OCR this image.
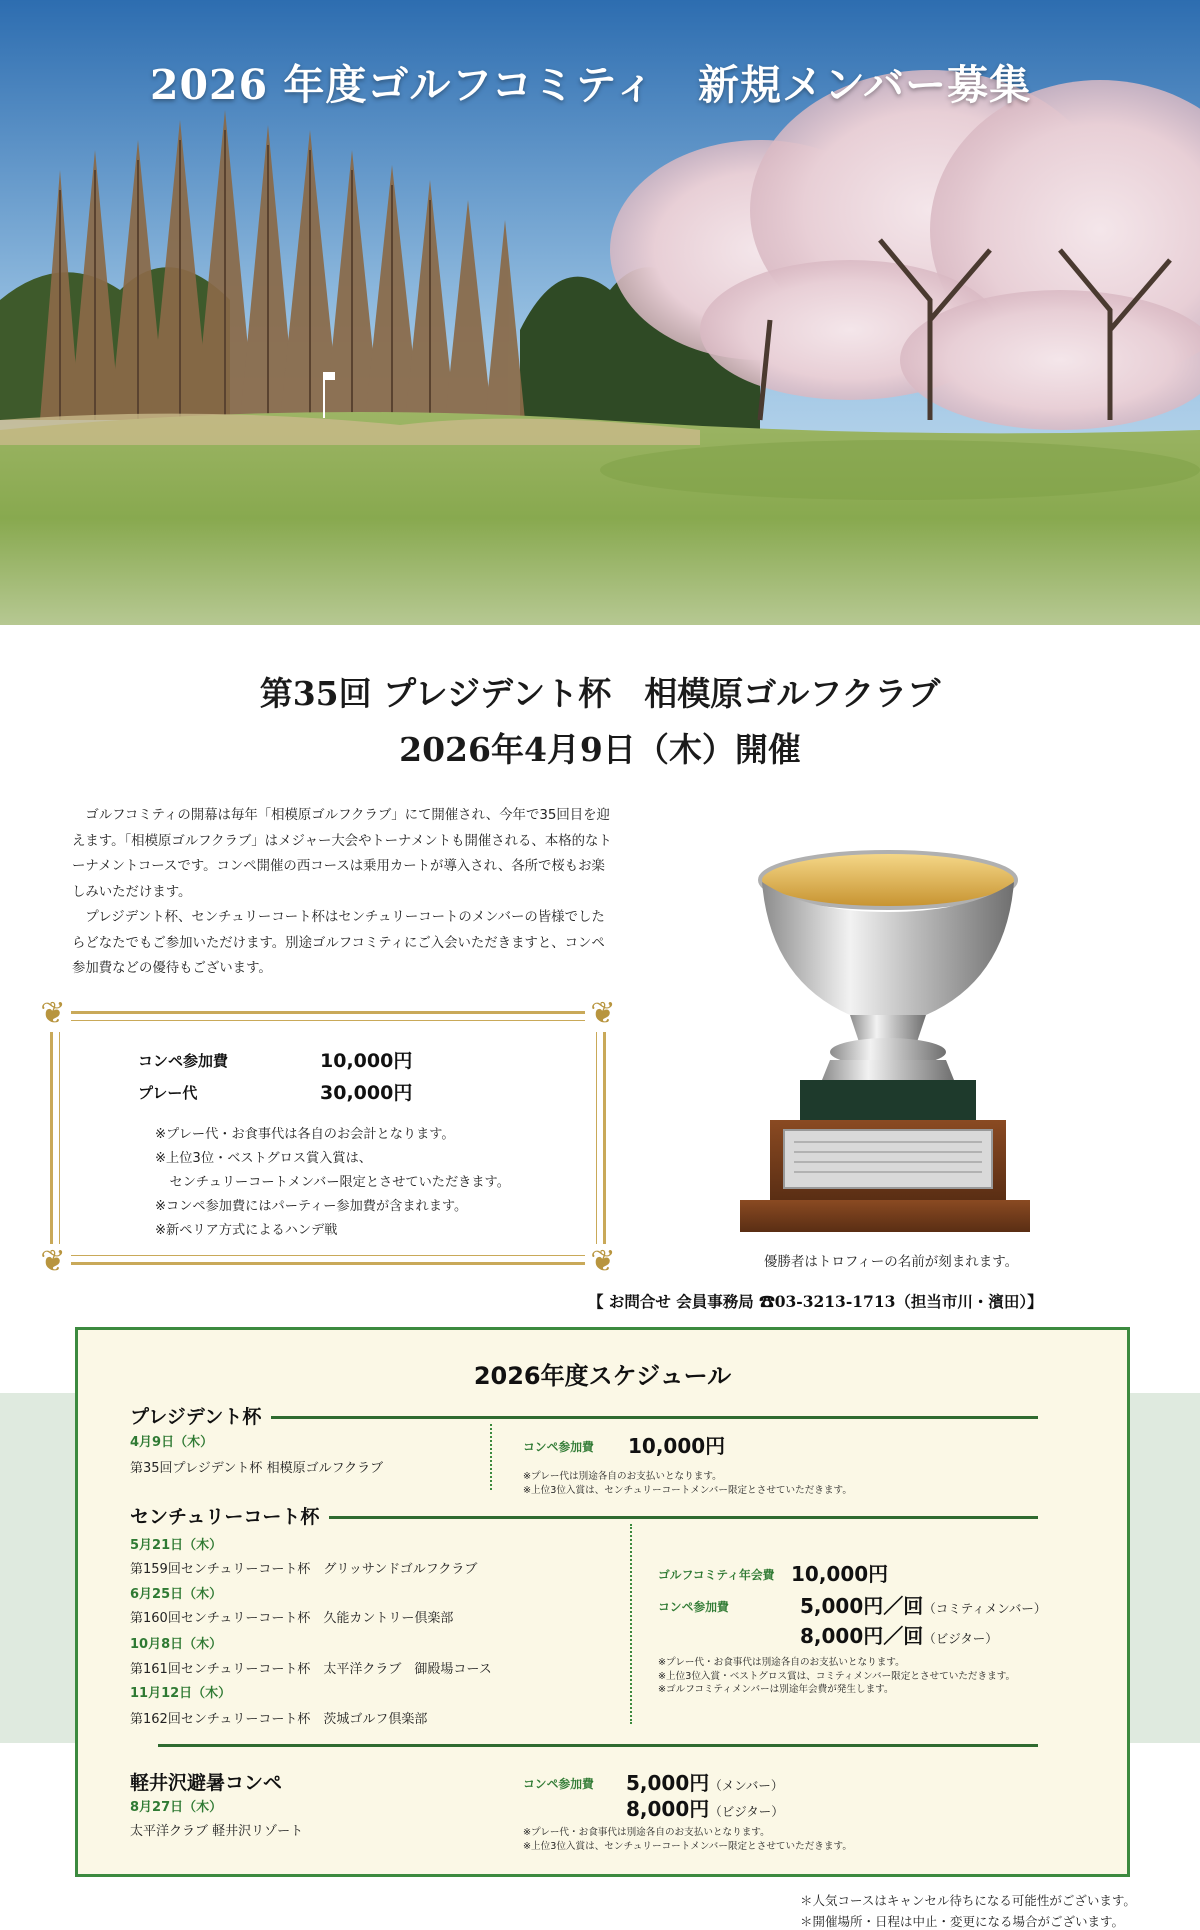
2026 年度ゴルフコミティ　新規メンバー募集
第35回 プレジデント杯　相模原ゴルフクラブ
2026年4月9日（木）開催

ゴルフコミティの開幕は毎年「相模原ゴルフクラブ」にて開催され、今年で35回目を迎えます。「相模原ゴルフクラブ」はメジャー大会やトーナメントも開催される、本格的なトーナメントコースです。コンペ開催の西コースは乗用カートが導入され、各所で桜もお楽しみいただけます。

プレジデント杯、センチュリーコート杯はセンチュリーコートのメンバーの皆様でしたらどなたでもご参加いただけます。別途ゴルフコミティにご入会いただきますと、コンペ参加費などの優待もございます。

❦	❦
❦	❦
コンペ参加費	10,000円
プレー代	30,000円
※プレー代・お食事代は各自のお会計となります。
※上位3位・ベストグロス賞入賞は、
センチュリーコートメンバー限定とさせていただきます。
※コンペ参加費にはパーティー参加費が含まれます。
※新ペリア方式によるハンデ戦
優勝者はトロフィーの名前が刻まれます。
【 お問合せ 会員事務局 ☎03-3213-1713（担当市川・濱田）】
2026年度スケジュール
プレジデント杯
4月9日（木）
第35回プレジデント杯 相模原ゴルフクラブ
コンペ参加費 10,000円
※プレー代は別途各自のお支払いとなります。
※上位3位入賞は、センチュリーコートメンバー限定とさせていただきます。
センチュリーコート杯
5月21日（木）
第159回センチュリーコート杯　グリッサンドゴルフクラブ
6月25日（木）
第160回センチュリーコート杯　久能カントリー倶楽部
10月8日（木）
第161回センチュリーコート杯　太平洋クラブ　御殿場コース
11月12日（木）
第162回センチュリーコート杯　茨城ゴルフ倶楽部
ゴルフコミティ年会費 10,000円
コンペ参加費	5,000円／回（コミティメンバー）
8,000円／回（ビジター）
※プレー代・お食事代は別途各自のお支払いとなります。
※上位3位入賞・ベストグロス賞は、コミティメンバー限定とさせていただきます。
※ゴルフコミティメンバーは別途年会費が発生します。
軽井沢避暑コンペ
8月27日（木）
太平洋クラブ 軽井沢リゾート
コンペ参加費 5,000円（メンバー）
8,000円（ビジター）
※プレー代・お食事代は別途各自のお支払いとなります。
※上位3位入賞は、センチュリーコートメンバー限定とさせていただきます。
＊人気コースはキャンセル待ちになる可能性がございます。
＊開催場所・日程は中止・変更になる場合がございます。
